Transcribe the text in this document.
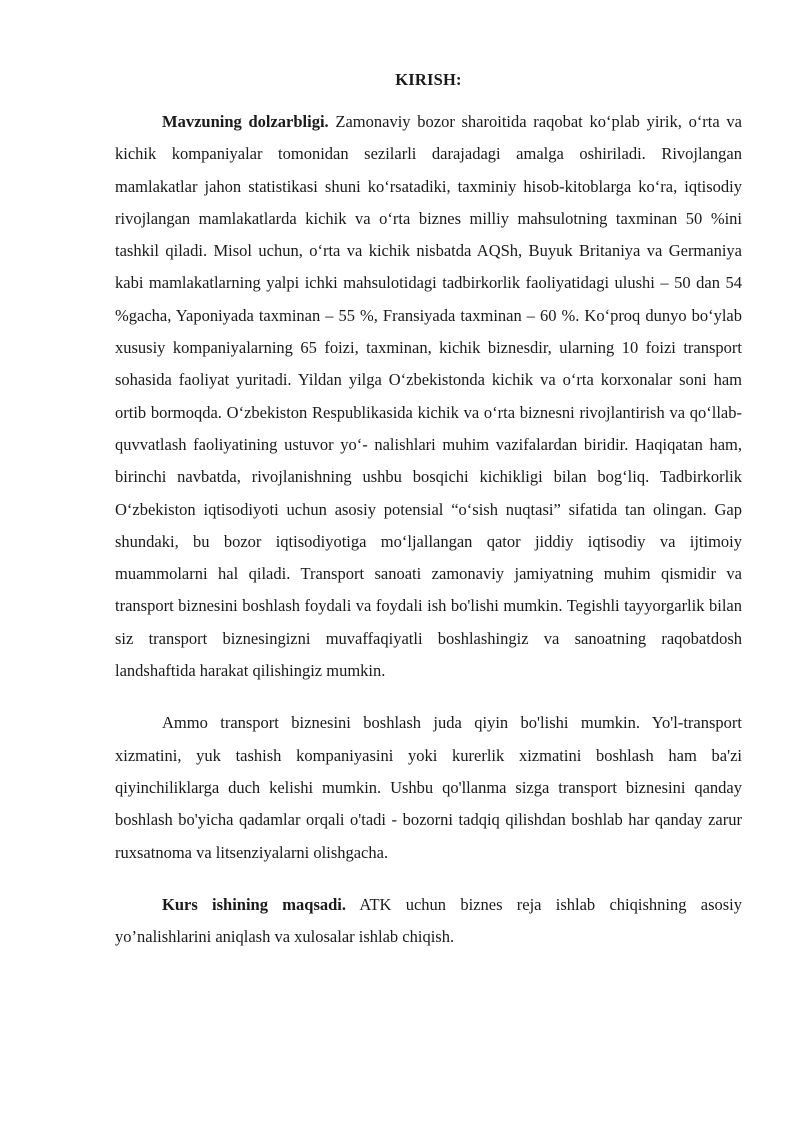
KIRISH:

Mavzuning dolzarbligi. Zamonaviy bozor sharoitida raqobat ko‘plab yirik, o‘rta va kichik kompaniyalar tomonidan sezilarli darajadagi amalga oshiriladi. Rivojlangan mamlakatlar jahon statistikasi shuni ko‘rsatadiki, taxminiy hisob-kitoblarga ko‘ra, iqtisodiy rivojlangan mamlakatlarda kichik va o‘rta biznes milliy mahsulotning taxminan 50 %ini tashkil qiladi. Misol uchun, o‘rta va kichik nisbatda AQSh, Buyuk Britaniya va Germaniya kabi mamlakatlarning yalpi ichki mahsulotidagi tadbirkorlik faoliyatidagi ulushi – 50 dan 54 %gacha, Yaponiyada taxminan – 55 %, Fransiyada taxminan – 60 %. Ko‘proq dunyo bo‘ylab xususiy kompaniyalarning 65 foizi, taxminan, kichik biznesdir, ularning 10 foizi transport sohasida faoliyat yuritadi. Yildan yilga O‘zbekistonda kichik va o‘rta korxonalar soni ham ortib bormoqda. O‘zbekiston Respublikasida kichik va o‘rta biznesni rivojlantirish va qo‘llab-quvvatlash faoliyatining ustuvor yo‘- nalishlari muhim vazifalardan biridir. Haqiqatan ham, birinchi navbatda, rivojlanishning ushbu bosqichi kichikligi bilan bog‘liq. Tadbirkorlik O‘zbekiston iqtisodiyoti uchun asosiy potensial “o‘sish nuqtasi” sifatida tan olingan. Gap shundaki, bu bozor iqtisodiyotiga mo‘ljallangan qator jiddiy iqtisodiy va ijtimoiy muammolarni hal qiladi. Transport sanoati zamonaviy jamiyatning muhim qismidir va transport biznesini boshlash foydali va foydali ish bo'lishi mumkin. Tegishli tayyorgarlik bilan siz transport biznesingizni muvaffaqiyatli boshlashingiz va sanoatning raqobatdosh landshaftida harakat qilishingiz mumkin.

Ammo transport biznesini boshlash juda qiyin bo'lishi mumkin. Yo'l-transport xizmatini, yuk tashish kompaniyasini yoki kurerlik xizmatini boshlash ham ba'zi qiyinchiliklarga duch kelishi mumkin. Ushbu qo'llanma sizga transport biznesini qanday boshlash bo'yicha qadamlar orqali o'tadi - bozorni tadqiq qilishdan boshlab har qanday zarur ruxsatnoma va litsenziyalarni olishgacha.

Kurs ishining maqsadi. ATK uchun biznes reja ishlab chiqishning asosiy yo’nalishlarini aniqlash va xulosalar ishlab chiqish.
